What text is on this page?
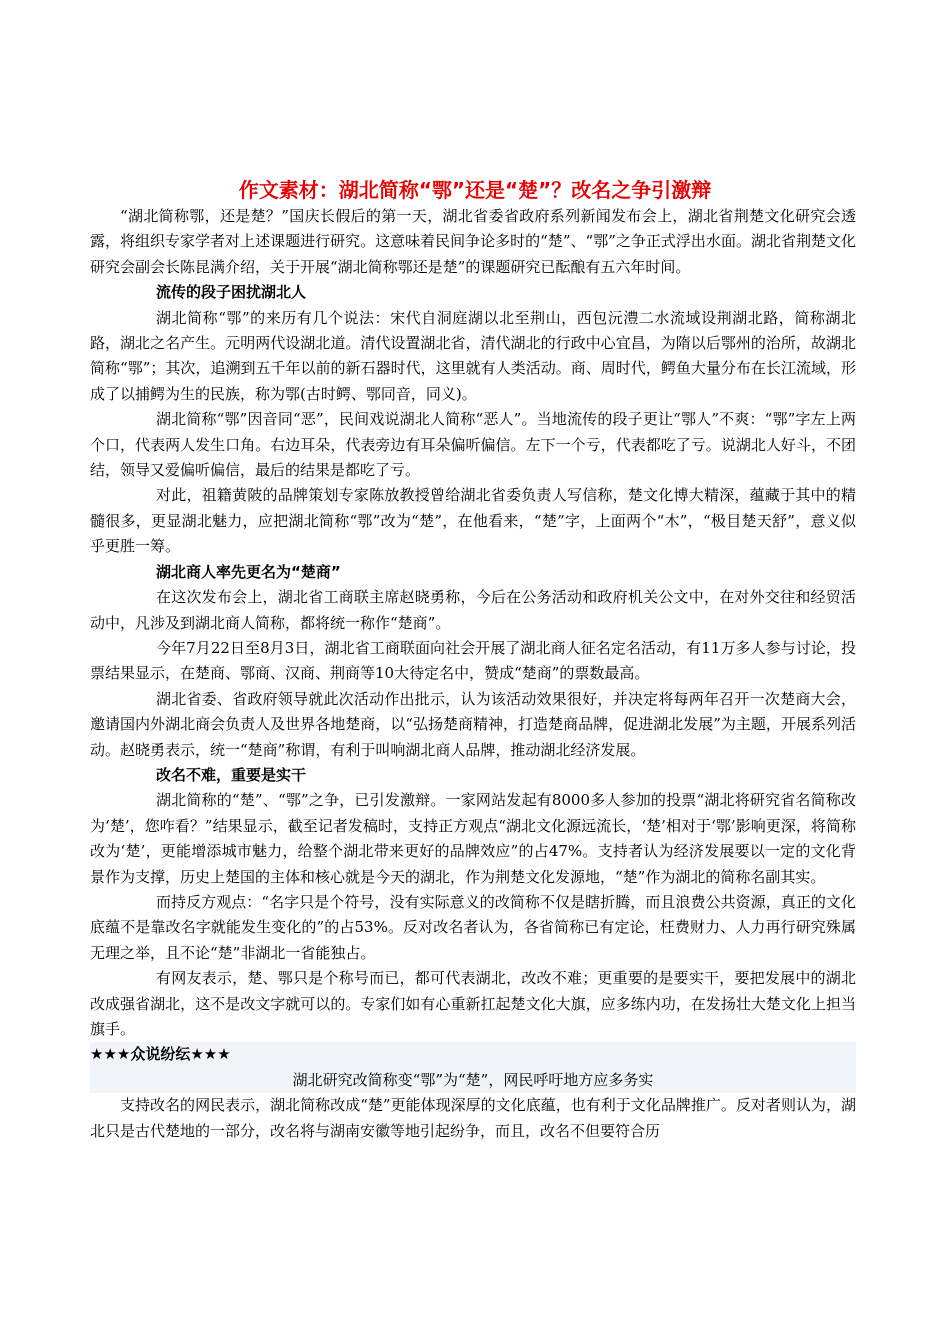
作文素材：湖北简称“鄂”还是“楚”？改名之争引激辩

“湖北简称鄂，还是楚？”国庆长假后的第一天，湖北省委省政府系列新闻发布会上，湖北省荆楚文化研究会透露，将组织专家学者对上述课题进行研究。这意味着民间争论多时的“楚”、“鄂”之争正式浮出水面。湖北省荆楚文化研究会副会长陈昆满介绍，关于开展“湖北简称鄂还是楚”的课题研究已酝酿有五六年时间。

流传的段子困扰湖北人

湖北简称“鄂”的来历有几个说法：宋代自洞庭湖以北至荆山，西包沅澧二水流域设荆湖北路，简称湖北路，湖北之名产生。元明两代设湖北道。清代设置湖北省，清代湖北的行政中心宜昌，为隋以后鄂州的治所，故湖北简称“鄂”；其次，追溯到五千年以前的新石器时代，这里就有人类活动。商、周时代，鳄鱼大量分布在长江流域，形成了以捕鳄为生的民族，称为鄂(古时鳄、鄂同音，同义)。

湖北简称“鄂”因音同“恶”，民间戏说湖北人简称“恶人”。当地流传的段子更让“鄂人”不爽：“鄂”字左上两个口，代表两人发生口角。右边耳朵，代表旁边有耳朵偏听偏信。左下一个亏，代表都吃了亏。说湖北人好斗，不团结，领导又爱偏听偏信，最后的结果是都吃了亏。

对此，祖籍黄陂的品牌策划专家陈放教授曾给湖北省委负责人写信称，楚文化博大精深，蕴藏于其中的精髓很多，更显湖北魅力，应把湖北简称“鄂”改为“楚”，在他看来，“楚”字，上面两个“木”，“极目楚天舒”，意义似乎更胜一筹。

湖北商人率先更名为“楚商”

在这次发布会上，湖北省工商联主席赵晓勇称，今后在公务活动和政府机关公文中，在对外交往和经贸活动中，凡涉及到湖北商人简称，都将统一称作“楚商”。

今年7月22日至8月3日，湖北省工商联面向社会开展了湖北商人征名定名活动，有11万多人参与讨论，投票结果显示，在楚商、鄂商、汉商、荆商等10大待定名中，赞成“楚商”的票数最高。

湖北省委、省政府领导就此次活动作出批示，认为该活动效果很好，并决定将每两年召开一次楚商大会，邀请国内外湖北商会负责人及世界各地楚商，以“弘扬楚商精神，打造楚商品牌，促进湖北发展”为主题，开展系列活动。赵晓勇表示，统一“楚商”称谓，有利于叫响湖北商人品牌，推动湖北经济发展。

改名不难，重要是实干

湖北简称的“楚”、“鄂”之争，已引发激辩。一家网站发起有8000多人参加的投票“湖北将研究省名简称改为‘楚’，您咋看？”结果显示，截至记者发稿时，支持正方观点“湖北文化源远流长，‘楚’相对于‘鄂’影响更深，将简称改为‘楚’，更能增添城市魅力，给整个湖北带来更好的品牌效应”的占47%。支持者认为经济发展要以一定的文化背景作为支撑，历史上楚国的主体和核心就是今天的湖北，作为荆楚文化发源地，“楚”作为湖北的简称名副其实。

而持反方观点：“名字只是个符号，没有实际意义的改简称不仅是瞎折腾，而且浪费公共资源，真正的文化底蕴不是靠改名字就能发生变化的”的占53%。反对改名者认为，各省简称已有定论，枉费财力、人力再行研究殊属无理之举，且不论“楚”非湖北一省能独占。

有网友表示，楚、鄂只是个称号而已，都可代表湖北，改改不难；更重要的是要实干，要把发展中的湖北改成强省湖北，这不是改文字就可以的。专家们如有心重新扛起楚文化大旗，应多练内功，在发扬壮大楚文化上担当旗手。

★★★众说纷纭★★★

湖北研究改简称变“鄂”为“楚”，网民呼吁地方应多务实

支持改名的网民表示，湖北简称改成“楚”更能体现深厚的文化底蕴，也有利于文化品牌推广。反对者则认为，湖北只是古代楚地的一部分，改名将与湖南安徽等地引起纷争，而且，改名不但要符合历
